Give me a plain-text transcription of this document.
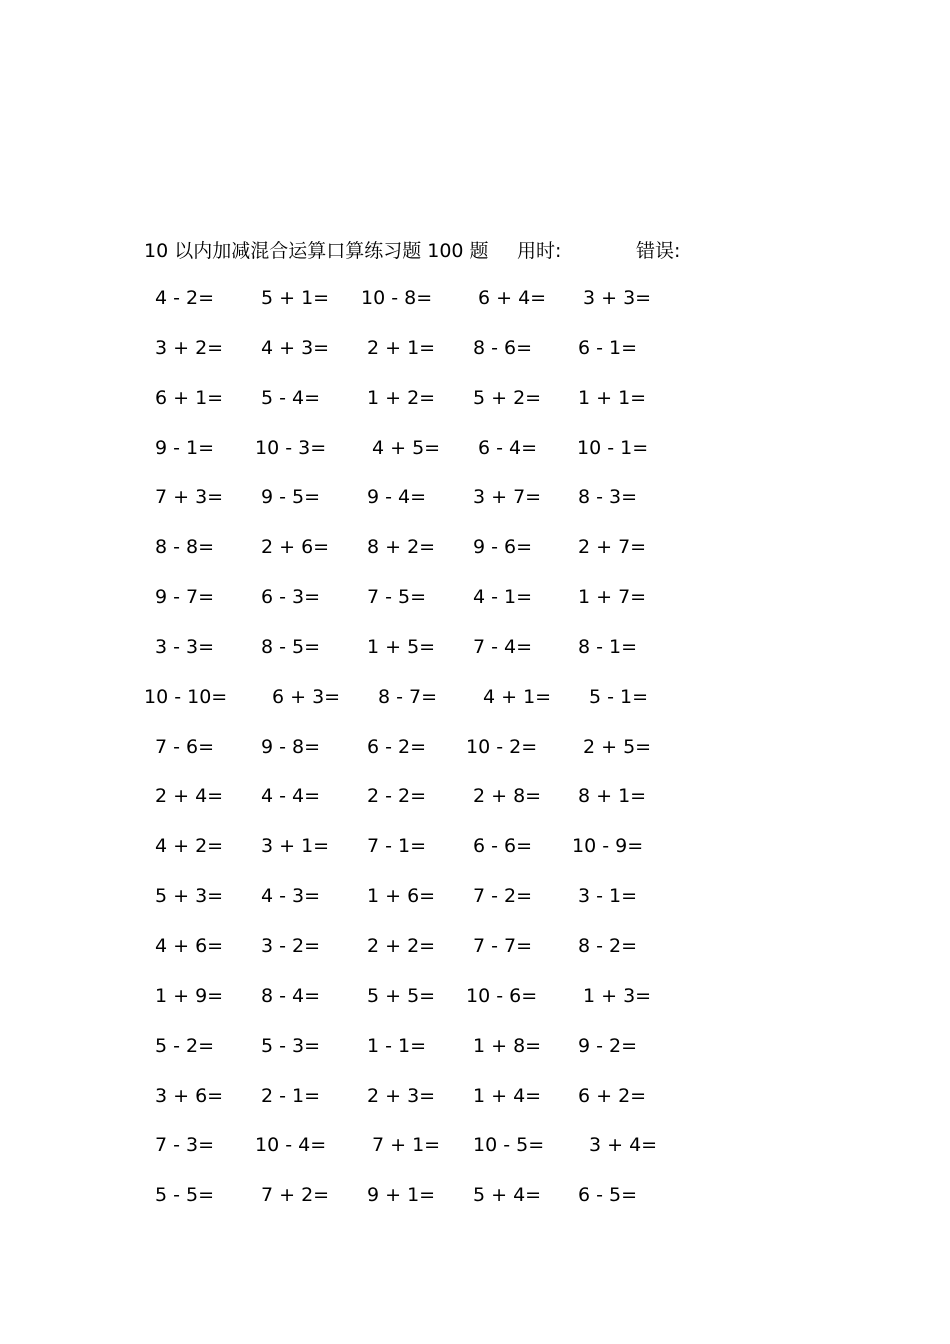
10 以内加减混合运算口算练习题 100 题 用时:	错误:
4 - 2= 5 + 1= 10 - 8= 6 + 4= 3 + 3=
3 + 2= 4 + 3= 2 + 1= 8 - 6= 6 - 1=
6 + 1= 5 - 4= 1 + 2= 5 + 2= 1 + 1=
9 - 1= 10 - 3= 4 + 5= 6 - 4= 10 - 1=
7 + 3= 9 - 5= 9 - 4= 3 + 7= 8 - 3=
8 - 8= 2 + 6= 8 + 2= 9 - 6= 2 + 7=
9 - 7= 6 - 3= 7 - 5= 4 - 1= 1 + 7=
3 - 3= 8 - 5= 1 + 5= 7 - 4= 8 - 1=
10 - 10= 6 + 3= 8 - 7= 4 + 1= 5 - 1=
7 - 6= 9 - 8= 6 - 2= 10 - 2= 2 + 5=
2 + 4= 4 - 4= 2 - 2= 2 + 8= 8 + 1=
4 + 2= 3 + 1= 7 - 1= 6 - 6= 10 - 9=
5 + 3= 4 - 3= 1 + 6= 7 - 2= 3 - 1=
4 + 6= 3 - 2= 2 + 2= 7 - 7= 8 - 2=
1 + 9= 8 - 4= 5 + 5= 10 - 6= 1 + 3=
5 - 2= 5 - 3= 1 - 1= 1 + 8= 9 - 2=
3 + 6= 2 - 1= 2 + 3= 1 + 4= 6 + 2=
7 - 3= 10 - 4= 7 + 1= 10 - 5= 3 + 4=
5 - 5= 7 + 2= 9 + 1= 5 + 4= 6 - 5=
